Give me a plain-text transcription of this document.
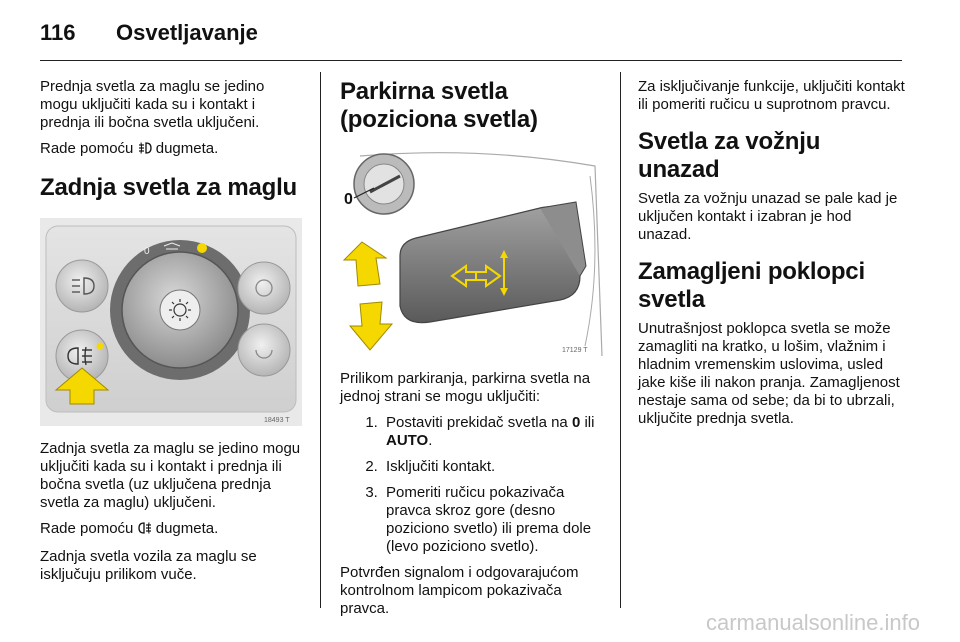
116	Osvetljavanje

Prednja svetla za maglu se jedino mogu uključiti kada su i kontakt i prednja ili bočna svetla uključeni.

Rade pomoću  dugmeta.

Zadnja svetla za maglu
0
18493 T

Zadnja svetla za maglu se jedino mogu uključiti kada su i kontakt i prednja ili bočna svetla (uz uključena prednja svetla za maglu) uključeni.

Rade pomoću  dugmeta.

Zadnja svetla vozila za maglu se isključuju prilikom vuče.

Parkirna svetla (poziciona svetla)
0
17129 T

Prilikom parkiranja, parkirna svetla na jednoj strani se mogu uključiti:

1. Postaviti prekidač svetla na 0 ili AUTO.
2. Isključiti kontakt.
3. Pomeriti ručicu pokazivača pravca skroz gore (desno poziciono svetlo) ili prema dole (levo poziciono svetlo).

Potvrđen signalom i odgovarajućom kontrolnom lampicom pokazivača pravca.

Za isključivanje funkcije, uključiti kontakt ili pomeriti ručicu u suprotnom pravcu.

Svetla za vožnju unazad

Svetla za vožnju unazad se pale kad je uključen kontakt i izabran je hod unazad.

Zamagljeni poklopci svetla

Unutrašnjost poklopca svetla se može zamagliti na kratko, u lošim, vlažnim i hladnim vremenskim uslovima, usled jake kiše ili nakon pranja. Zamagljenost nestaje sama od sebe; da bi to ubrzali, uključite prednja svetla.

carmanualsonline.info
